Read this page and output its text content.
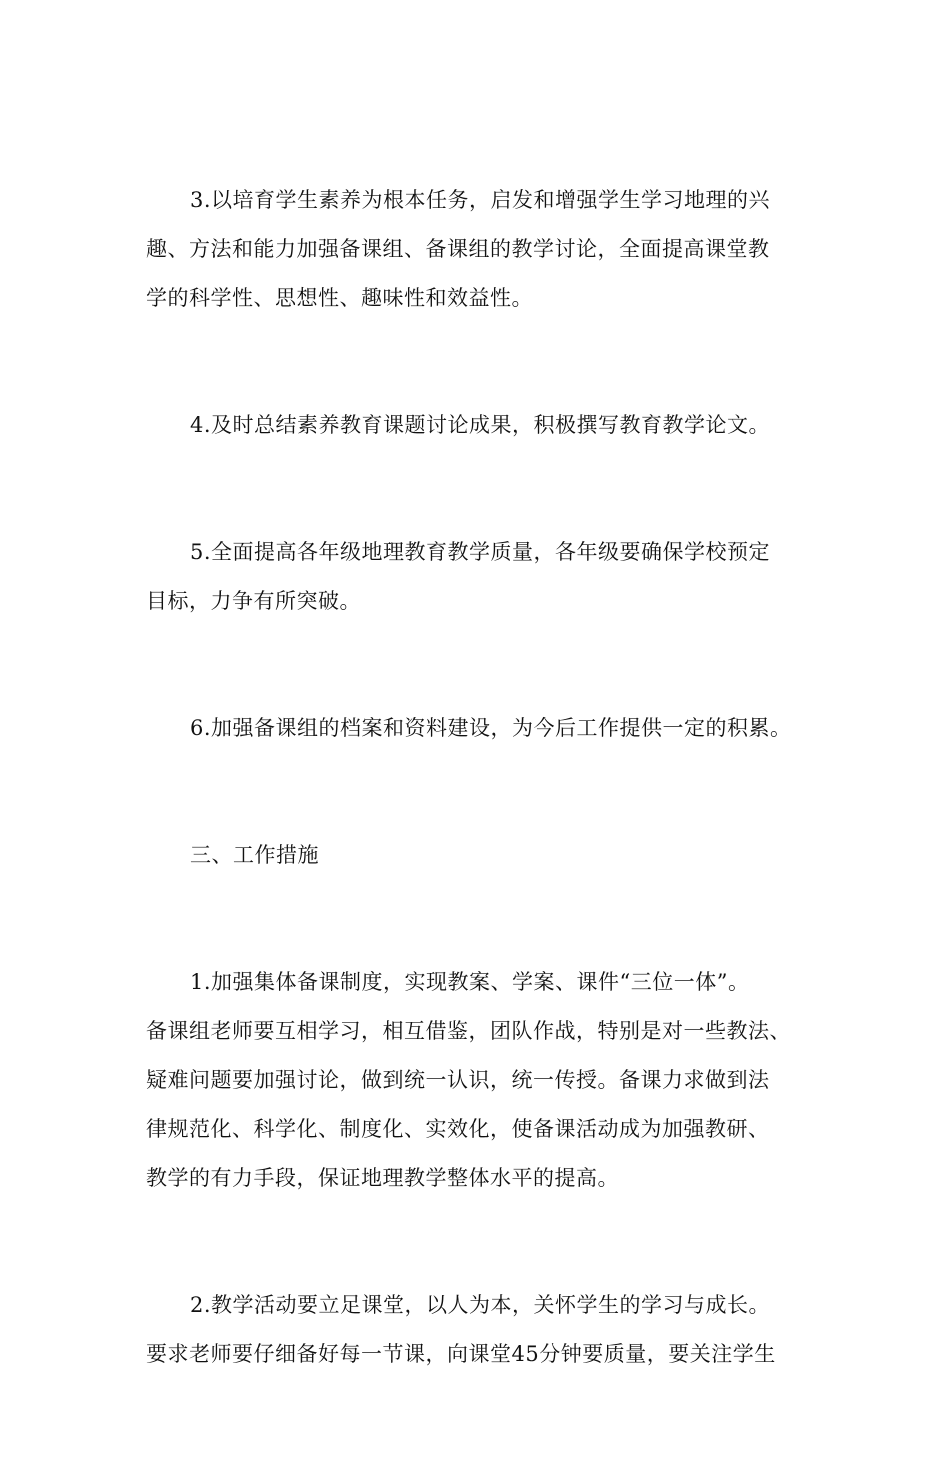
3.以培育学生素养为根本任务，启发和增强学生学习地理的兴
趣、方法和能力加强备课组、备课组的教学讨论，全面提高课堂教
学的科学性、思想性、趣味性和效益性。
4.及时总结素养教育课题讨论成果，积极撰写教育教学论文。
5.全面提高各年级地理教育教学质量，各年级要确保学校预定
目标，力争有所突破。
6.加强备课组的档案和资料建设，为今后工作提供一定的积累。
三、工作措施
1.加强集体备课制度，实现教案、学案、课件“三位一体”。
备课组老师要互相学习，相互借鉴，团队作战，特别是对一些教法、
疑难问题要加强讨论，做到统一认识，统一传授。备课力求做到法
律规范化、科学化、制度化、实效化，使备课活动成为加强教研、
教学的有力手段，保证地理教学整体水平的提高。
2.教学活动要立足课堂，以人为本，关怀学生的学习与成长。
要求老师要仔细备好每一节课，向课堂45分钟要质量，要关注学生
